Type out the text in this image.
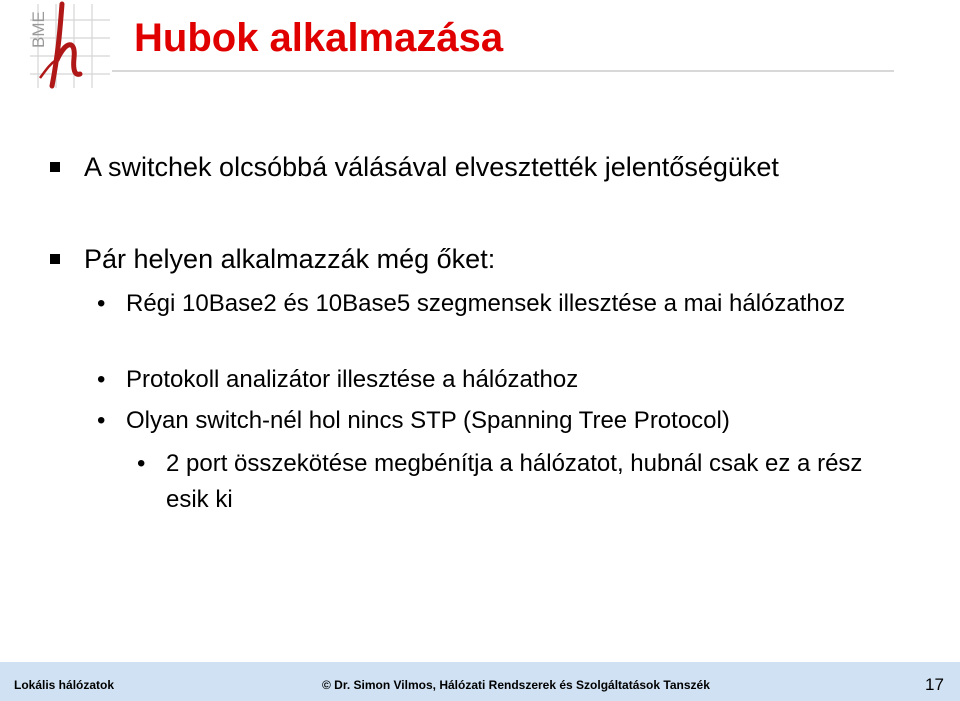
BME Hubok alkalmazása
A switchek olcsóbbá válásával elvesztették jelentőségüket
Pár helyen alkalmazzák még őket:
• Régi 10Base2 és 10Base5 szegmensek illesztése a mai hálózathoz
• Protokoll analizátor illesztése a hálózathoz
• Olyan switch-nél hol nincs STP (Spanning Tree Protocol)
• 2 port összekötése megbénítja a hálózatot, hubnál csak ez a rész esik ki
Lokális hálózatok	© Dr. Simon Vilmos, Hálózati Rendszerek és Szolgáltatások Tanszék	17
